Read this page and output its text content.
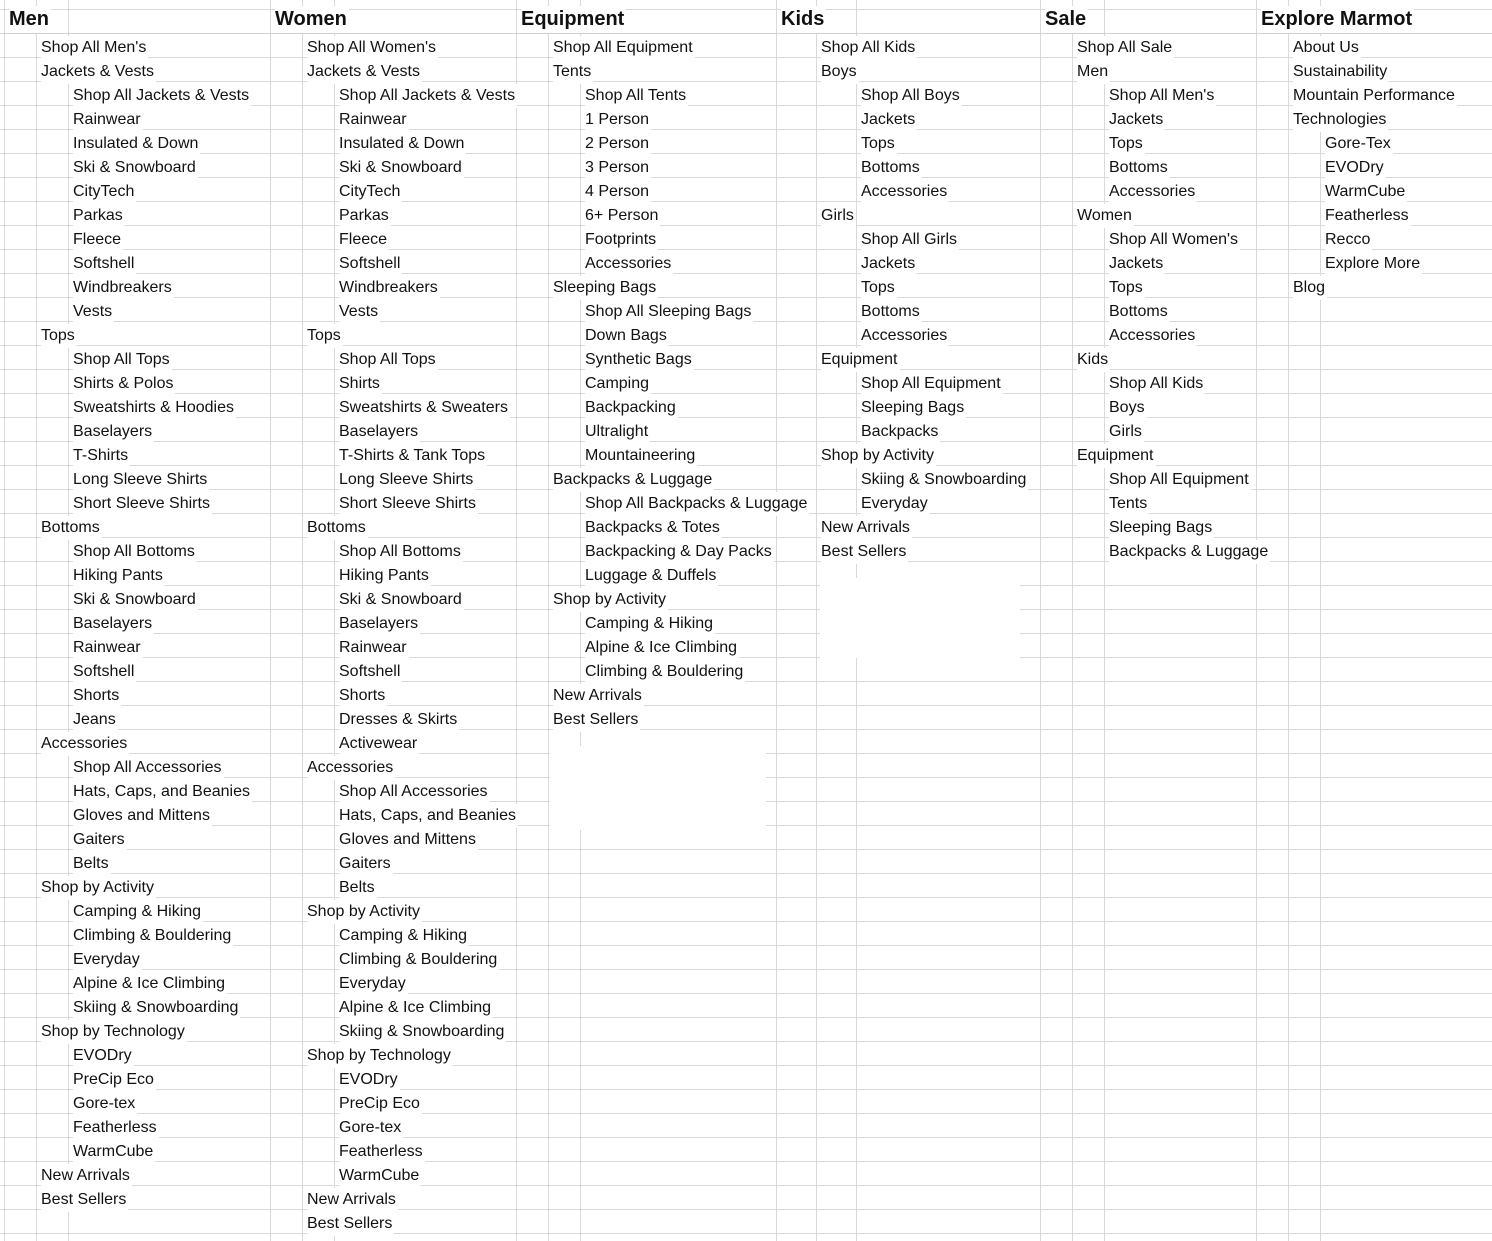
Men
Shop All Men's
Jackets & Vests
Shop All Jackets & Vests
Rainwear
Insulated & Down
Ski & Snowboard
CityTech
Parkas
Fleece
Softshell
Windbreakers
Vests
Tops
Shop All Tops
Shirts & Polos
Sweatshirts & Hoodies
Baselayers
T-Shirts
Long Sleeve Shirts
Short Sleeve Shirts
Bottoms
Shop All Bottoms
Hiking Pants
Ski & Snowboard
Baselayers
Rainwear
Softshell
Shorts
Jeans
Accessories
Shop All Accessories
Hats, Caps, and Beanies
Gloves and Mittens
Gaiters
Belts
Shop by Activity
Camping & Hiking
Climbing & Bouldering
Everyday
Alpine & Ice Climbing
Skiing & Snowboarding
Shop by Technology
EVODry
PreCip Eco
Gore-tex
Featherless
WarmCube
New Arrivals
Best Sellers
Women
Shop All Women's
Jackets & Vests
Shop All Jackets & Vests
Rainwear
Insulated & Down
Ski & Snowboard
CityTech
Parkas
Fleece
Softshell
Windbreakers
Vests
Tops
Shop All Tops
Shirts
Sweatshirts & Sweaters
Baselayers
T-Shirts & Tank Tops
Long Sleeve Shirts
Short Sleeve Shirts
Bottoms
Shop All Bottoms
Hiking Pants
Ski & Snowboard
Baselayers
Rainwear
Softshell
Shorts
Dresses & Skirts
Activewear
Accessories
Shop All Accessories
Hats, Caps, and Beanies
Gloves and Mittens
Gaiters
Belts
Shop by Activity
Camping & Hiking
Climbing & Bouldering
Everyday
Alpine & Ice Climbing
Skiing & Snowboarding
Shop by Technology
EVODry
PreCip Eco
Gore-tex
Featherless
WarmCube
New Arrivals
Best Sellers
Equipment
Shop All Equipment
Tents
Shop All Tents
1 Person
2 Person
3 Person
4 Person
6+ Person
Footprints
Accessories
Sleeping Bags
Shop All Sleeping Bags
Down Bags
Synthetic Bags
Camping
Backpacking
Ultralight
Mountaineering
Backpacks & Luggage
Shop All Backpacks & Luggage
Backpacks & Totes
Backpacking & Day Packs
Luggage & Duffels
Shop by Activity
Camping & Hiking
Alpine & Ice Climbing
Climbing & Bouldering
New Arrivals
Best Sellers
Kids
Shop All Kids
Boys
Shop All Boys
Jackets
Tops
Bottoms
Accessories
Girls
Shop All Girls
Jackets
Tops
Bottoms
Accessories
Equipment
Shop All Equipment
Sleeping Bags
Backpacks
Shop by Activity
Skiing & Snowboarding
Everyday
New Arrivals
Best Sellers
Sale
Shop All Sale
Men
Shop All Men's
Jackets
Tops
Bottoms
Accessories
Women
Shop All Women's
Jackets
Tops
Bottoms
Accessories
Kids
Shop All Kids
Boys
Girls
Equipment
Shop All Equipment
Tents
Sleeping Bags
Backpacks & Luggage
Explore Marmot
About Us
Sustainability
Mountain Performance
Technologies
Gore-Tex
EVODry
WarmCube
Featherless
Recco
Explore More
Blog
